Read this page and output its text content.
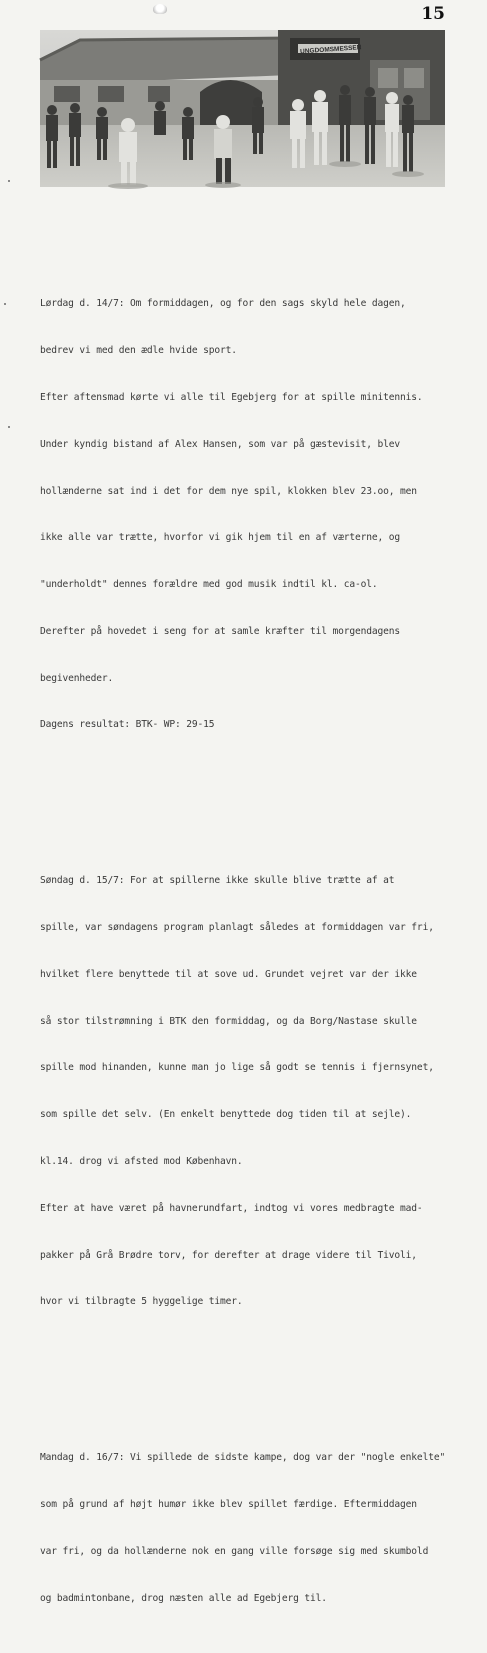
15
UNGDOMSMESSEN

Lørdag d. 14/7: Om formiddagen, og for den sags skyld hele dagen,

bedrev vi med den ædle hvide sport.

Efter aftensmad kørte vi alle til Egebjerg for at spille minitennis.

Under kyndig bistand af Alex Hansen, som var på gæstevisit, blev

hollænderne sat ind i det for dem nye spil, klokken blev 23.oo, men

ikke alle var trætte, hvorfor vi gik hjem til en af værterne, og

"underholdt" dennes forældre med god musik indtil kl. ca-ol.

Derefter på hovedet i seng for at samle kræfter til morgendagens

begivenheder.

Dagens resultat: BTK- WP: 29-15

Søndag d. 15/7: For at spillerne ikke skulle blive trætte af at

spille, var søndagens program planlagt således at formiddagen var fri,

hvilket flere benyttede til at sove ud. Grundet vejret var der ikke

så stor tilstrømning i BTK den formiddag, og da Borg/Nastase skulle

spille mod hinanden, kunne man jo lige så godt se tennis i fjernsynet,

som spille det selv. (En enkelt benyttede dog tiden til at sejle).

kl.14. drog vi afsted mod København.

Efter at have været på havnerundfart, indtog vi vores medbragte mad-

pakker på Grå Brødre torv, for derefter at drage videre til Tivoli,

hvor vi tilbragte 5 hyggelige timer.

Mandag d. 16/7: Vi spillede de sidste kampe, dog var der "nogle enkelte"

som på grund af højt humør ikke blev spillet færdige. Eftermiddagen

var fri, og da hollænderne nok en gang ville forsøge sig med skumbold

og badmintonbane, drog næsten alle ad Egebjerg til.
